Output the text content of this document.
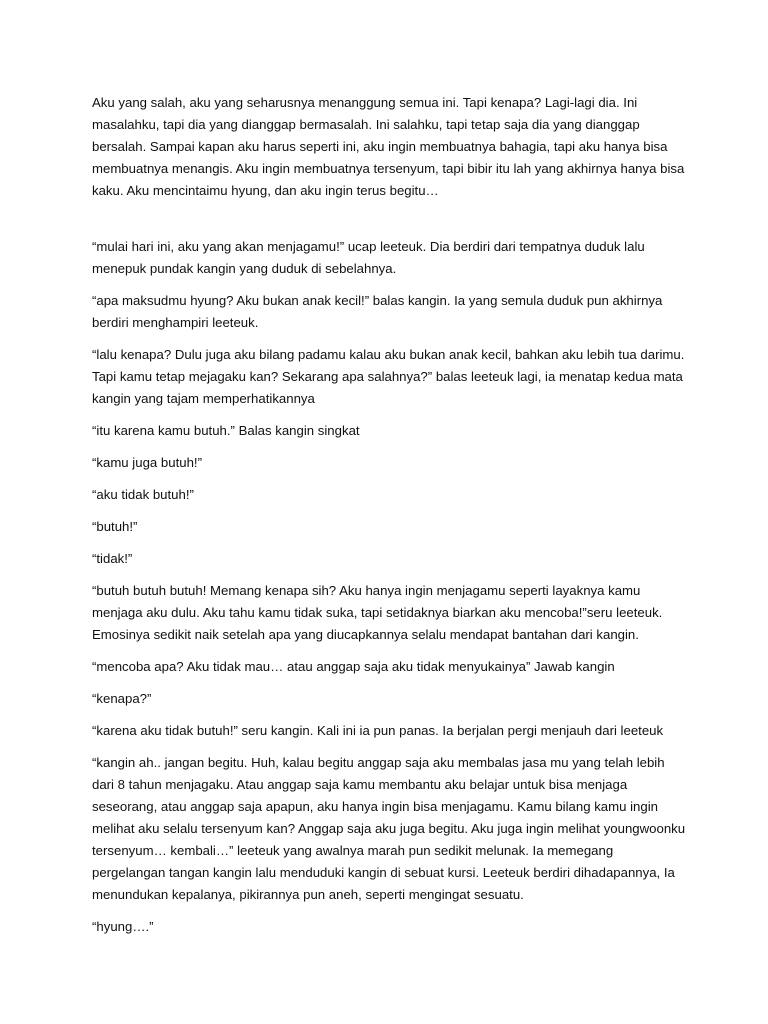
Aku yang salah, aku yang seharusnya menanggung semua ini. Tapi kenapa? Lagi-lagi dia. Ini masalahku, tapi dia yang dianggap bermasalah. Ini salahku, tapi tetap saja dia yang dianggap bersalah. Sampai kapan aku harus seperti ini, aku ingin membuatnya bahagia, tapi aku hanya bisa membuatnya menangis. Aku ingin membuatnya tersenyum, tapi bibir itu lah yang akhirnya hanya bisa kaku. Aku mencintaimu hyung, dan aku ingin terus begitu…

“mulai hari ini, aku yang akan menjagamu!” ucap leeteuk. Dia berdiri dari tempatnya duduk lalu menepuk pundak kangin yang duduk di sebelahnya.

“apa maksudmu hyung? Aku bukan anak kecil!” balas kangin. Ia yang semula duduk pun akhirnya berdiri menghampiri leeteuk.

“lalu kenapa? Dulu juga aku bilang padamu kalau aku bukan anak kecil, bahkan aku lebih tua darimu. Tapi kamu tetap mejagaku kan? Sekarang apa salahnya?” balas leeteuk lagi, ia menatap kedua mata kangin yang tajam memperhatikannya

“itu karena kamu butuh.” Balas kangin singkat

“kamu juga butuh!”

“aku tidak butuh!”

“butuh!”

“tidak!”

“butuh butuh butuh! Memang kenapa sih? Aku hanya ingin menjagamu seperti layaknya kamu menjaga aku dulu. Aku tahu kamu tidak suka, tapi setidaknya biarkan aku mencoba!”seru leeteuk. Emosinya sedikit naik setelah apa yang diucapkannya selalu mendapat bantahan dari kangin.

“mencoba apa? Aku tidak mau… atau anggap saja aku tidak menyukainya” Jawab kangin

“kenapa?”

“karena aku tidak butuh!” seru kangin. Kali ini ia pun panas. Ia berjalan pergi menjauh dari leeteuk

“kangin ah.. jangan begitu. Huh, kalau begitu anggap saja aku membalas jasa mu yang telah lebih dari 8 tahun menjagaku. Atau anggap saja kamu membantu aku belajar untuk bisa menjaga seseorang, atau anggap saja apapun, aku hanya ingin bisa menjagamu. Kamu bilang kamu ingin melihat aku selalu tersenyum kan? Anggap saja aku juga begitu. Aku juga ingin melihat youngwoonku tersenyum… kembali…” leeteuk yang awalnya marah pun sedikit melunak. Ia memegang pergelangan tangan kangin lalu menduduki kangin di sebuat kursi. Leeteuk berdiri dihadapannya, Ia menundukan kepalanya, pikirannya pun aneh, seperti mengingat sesuatu.

“hyung….”
